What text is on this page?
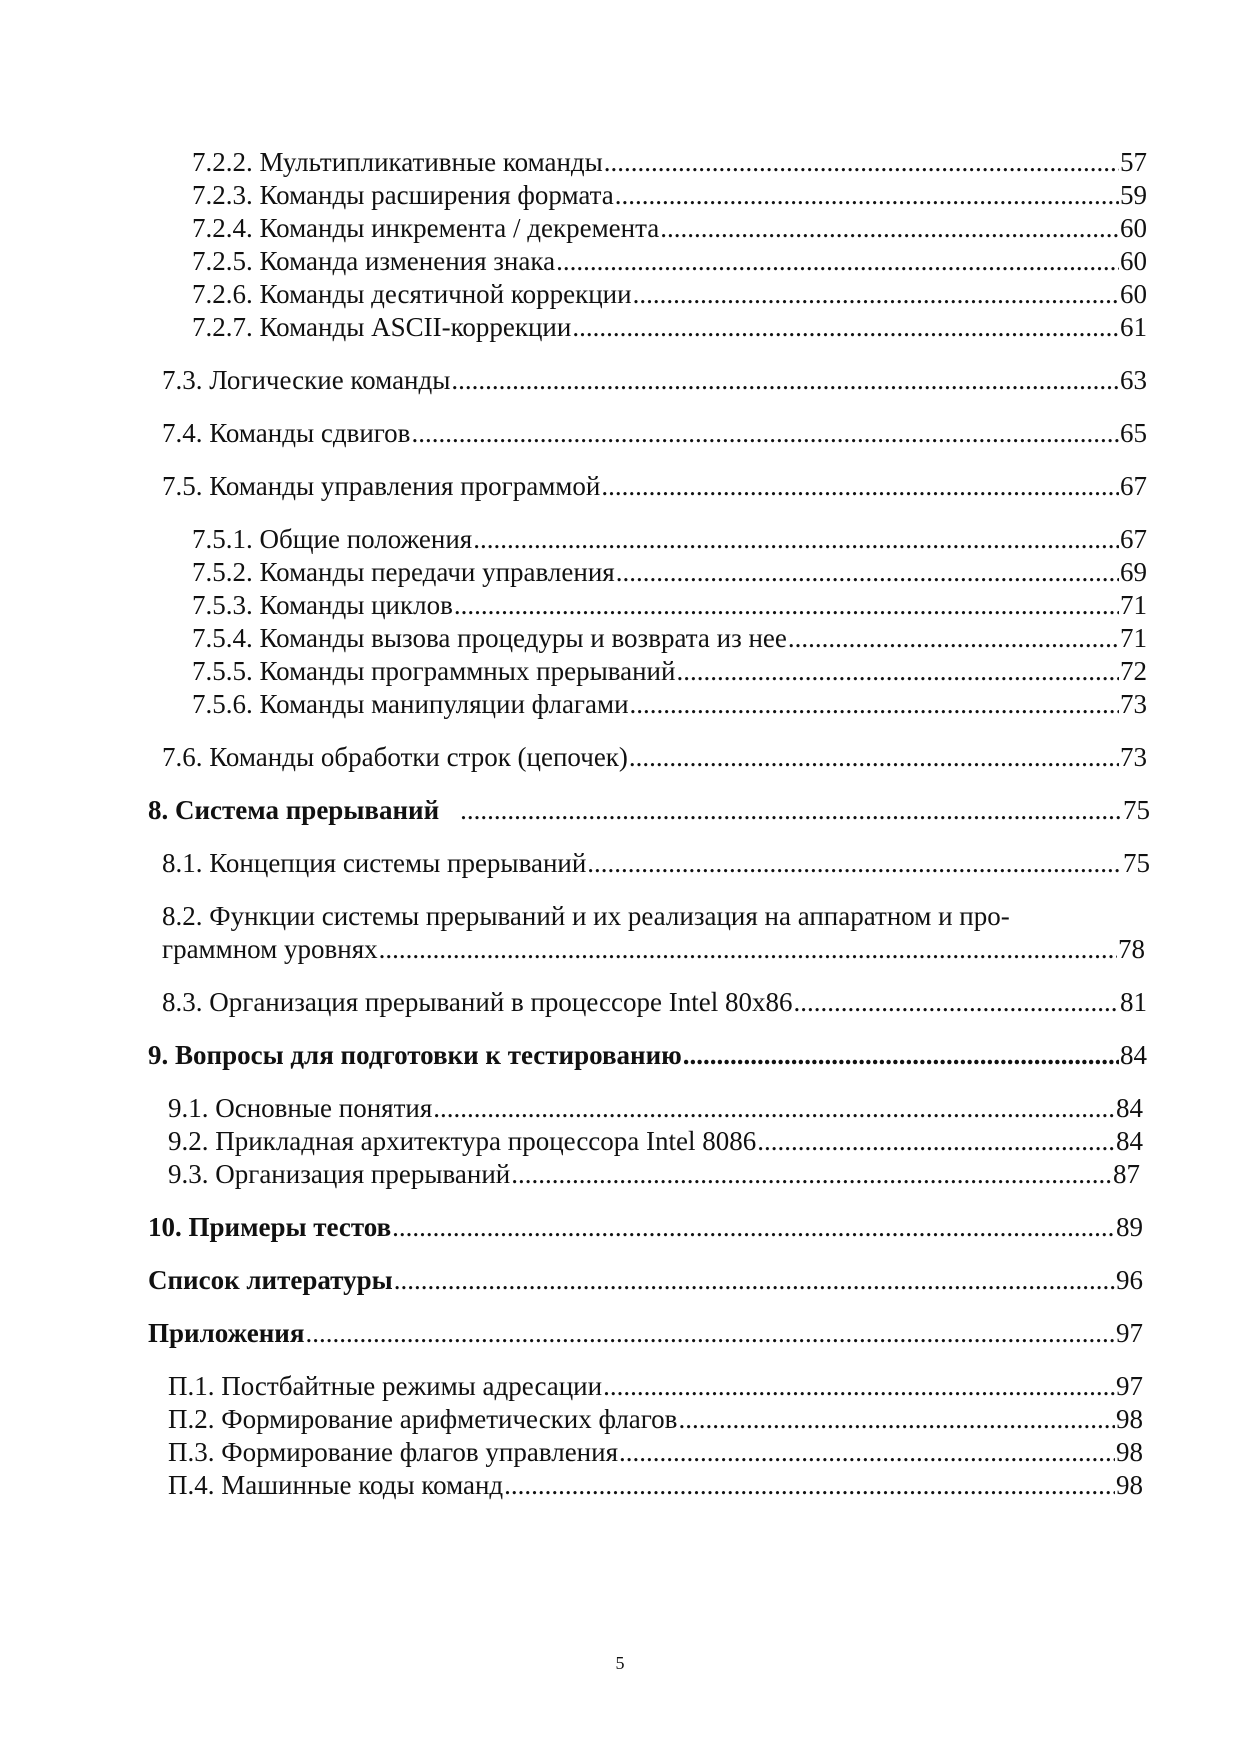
7.2.2. Мультипликативные команды .....	57
7.2.3. Команды расширения формата .....	59
7.2.4. Команды инкремента / декремента .....	60
7.2.5. Команда изменения знака .....	60
7.2.6. Команды десятичной коррекции .....	60
7.2.7. Команды ASCII-коррекции .....	61
7.3. Логические команды .....	63
7.4. Команды сдвигов .....	65
7.5. Команды управления программой .....	67
7.5.1. Общие положения .....	67
7.5.2. Команды передачи управления .....	69
7.5.3. Команды циклов .....	71
7.5.4. Команды вызова процедуры и возврата из нее .....	71
7.5.5. Команды программных прерываний .....	72
7.5.6. Команды манипуляции флагами .....	73
7.6. Команды обработки строк (цепочек) .....	73
8. Система прерываний .....	75
8.1. Концепция системы прерываний .....	75
8.2. Функции системы прерываний и их реализация на аппаратном и про-
граммном уровнях .....	78
8.3. Организация прерываний в процессоре Intel 80x86 .....	81
9. Вопросы для подготовки к тестированию .....	84
9.1. Основные понятия .....	84
9.2. Прикладная архитектура процессора Intel 8086 .....	84
9.3. Организация прерываний .....	87
10. Примеры тестов .....	89
Список литературы .....	96
Приложения .....	97
П.1. Постбайтные режимы адресации .....	97
П.2. Формирование арифметических флагов .....	98
П.3. Формирование флагов управления .....	98
П.4. Машинные коды команд .....	98
5
